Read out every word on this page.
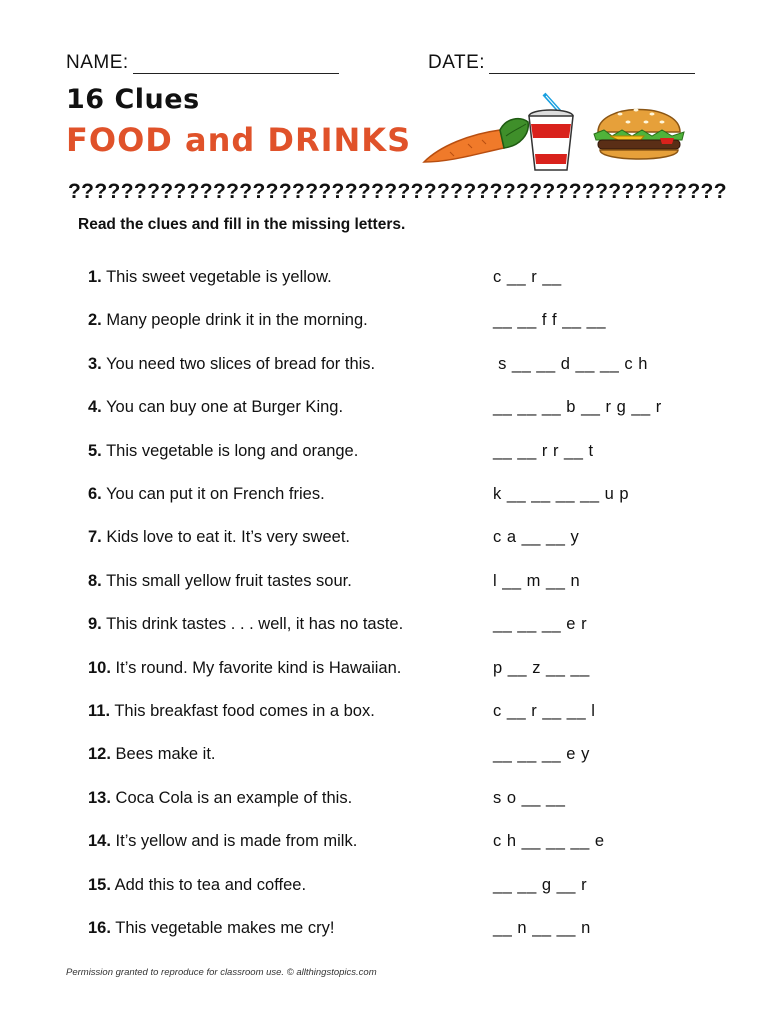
NAME:	DATE:
16 Clues
FOOD and DRINKS
??????????????????????????????????????????????????
Read the clues and fill in the missing letters.
1. This sweet vegetable is yellow.	c __ r __
2. Many people drink it in the morning.	__ __ f f __ __
3. You need two slices of bread for this.	s __ __ d __ __ c h
4. You can buy one at Burger King.	__ __ __ b __ r g __ r
5. This vegetable is long and orange.	__ __ r r __ t
6. You can put it on French fries.	k __ __ __ __ u p
7. Kids love to eat it. It’s very sweet.	c a __ __ y
8. This small yellow fruit tastes sour.	l __ m __ n
9. This drink tastes . . . well, it has no taste.	__ __ __ e r
10. It’s round. My favorite kind is Hawaiian.	p __ z __ __
11. This breakfast food comes in a box.	c __ r __ __ l
12. Bees make it.	__ __ __ e y
13. Coca Cola is an example of this.	s o __ __
14. It’s yellow and is made from milk.	c h __ __ __ e
15. Add this to tea and coffee.	__ __ g __ r
16. This vegetable makes me cry!	__ n __ __ n
Permission granted to reproduce for classroom use. © allthingstopics.com
